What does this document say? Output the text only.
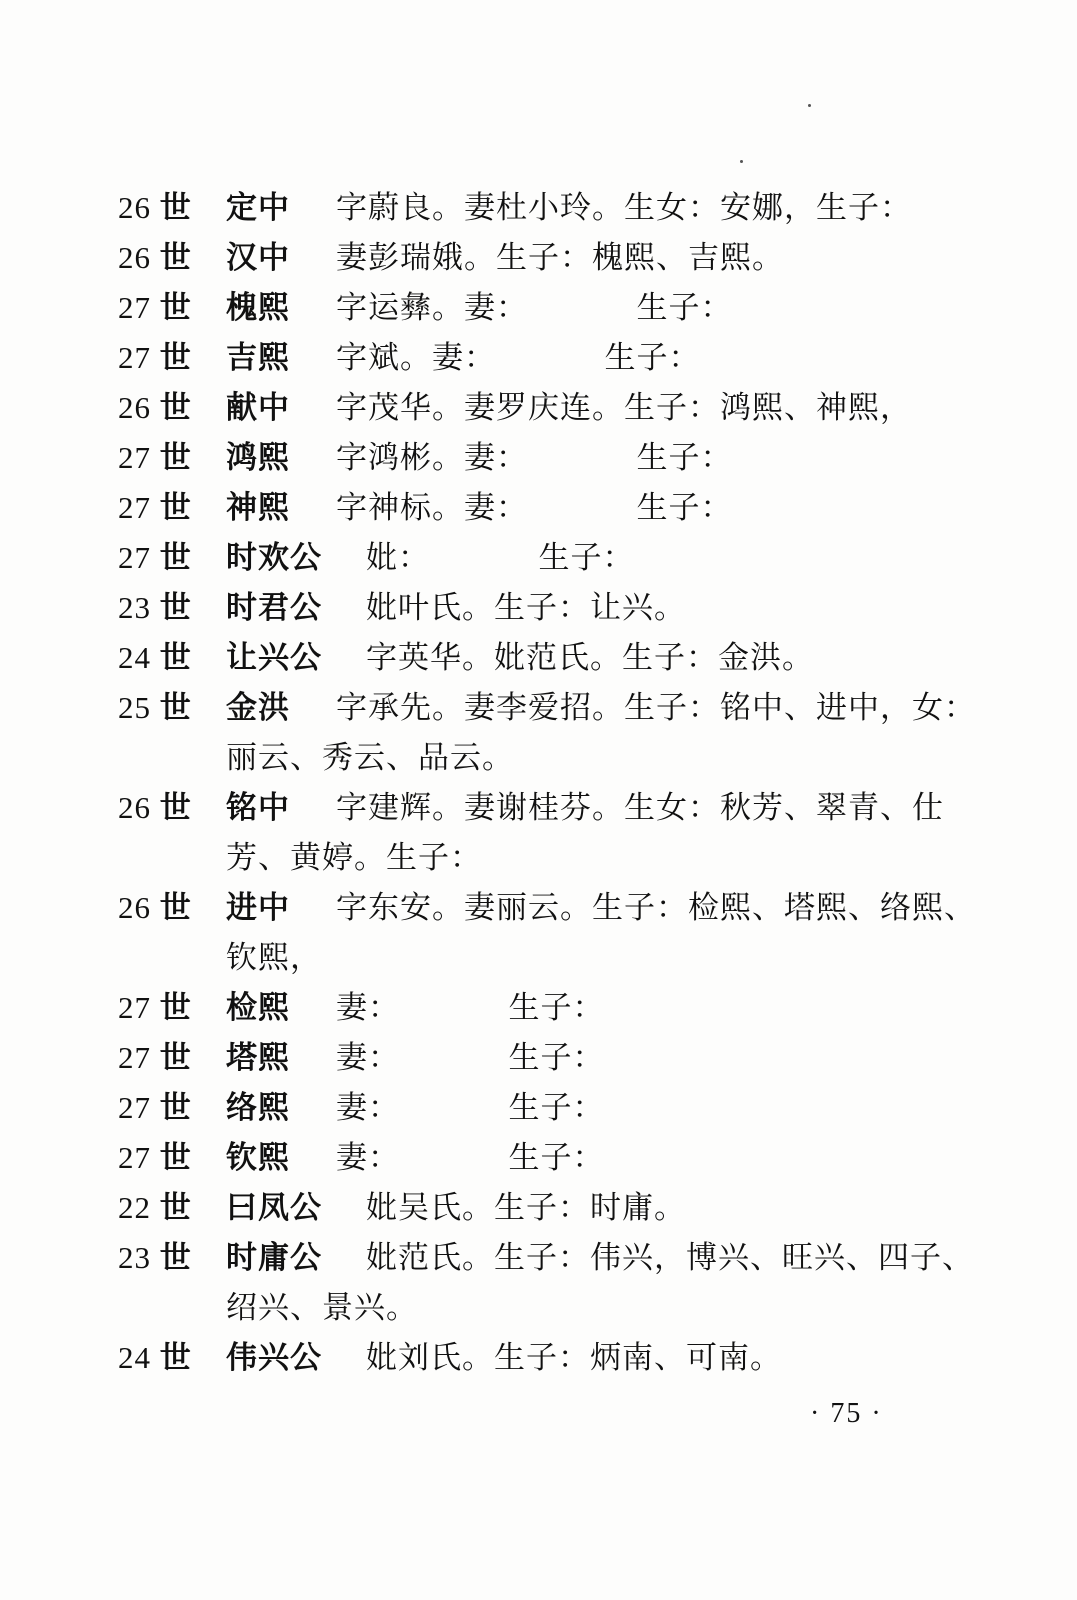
26 世	定中	字蔚良。妻杜小玲。生女：安娜，生子：
26 世	汉中	妻彭瑞娥。生子：槐熙、吉熙。
27 世	槐熙	字运彝。妻：          生子：
27 世	吉熙	字斌。妻：          生子：
26 世	献中	字茂华。妻罗庆连。生子：鸿熙、神熙，
27 世	鸿熙	字鸿彬。妻：          生子：
27 世	神熙	字神标。妻：          生子：
27 世	时欢公	妣：          生子：
23 世	时君公	妣叶氏。生子：让兴。
24 世	让兴公	字英华。妣范氏。生子：金洪。
25 世	金洪	字承先。妻李爱招。生子：铭中、进中，女：
丽云、秀云、品云。
26 世	铭中	字建辉。妻谢桂芬。生女：秋芳、翠青、仕
芳、黄婷。生子：
26 世	进中	字东安。妻丽云。生子：检熙、塔熙、络熙、
钦熙，
27 世	检熙	妻：          生子：
27 世	塔熙	妻：          生子：
27 世	络熙	妻：          生子：
27 世	钦熙	妻：          生子：
22 世	曰凤公	妣吴氏。生子：时庸。
23 世	时庸公	妣范氏。生子：伟兴，博兴、旺兴、四子、
绍兴、景兴。
24 世	伟兴公	妣刘氏。生子：炳南、可南。
· 75 ·
